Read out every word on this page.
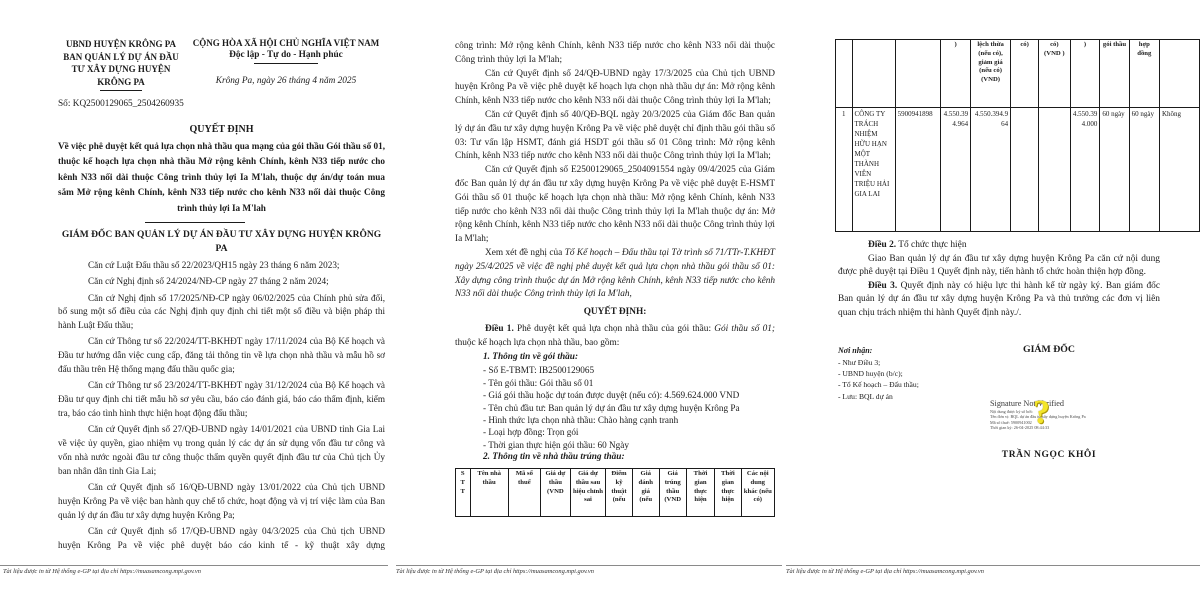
UBND HUYỆN KRÔNG PA
BAN QUẢN LÝ DỰ ÁN ĐẦU TƯ XÂY DỰNG HUYỆN KRÔNG PA
CỘNG HÒA XÃ HỘI CHỦ NGHĨA VIỆT NAM
Độc lập - Tự do - Hạnh phúc
Krông Pa, ngày 26 tháng 4 năm 2025
Số: KQ2500129065_2504260935
QUYẾT ĐỊNH
Về việc phê duyệt kết quả lựa chọn nhà thầu qua mạng của gói thầu Gói thầu số 01, thuộc kế hoạch lựa chọn nhà thầu Mở rộng kênh Chính, kênh N33 tiếp nước cho kênh N33 nối dài thuộc Công trình thủy lợi Ia M'lah, thuộc dự án/dự toán mua sắm Mở rộng kênh Chính, kênh N33 tiếp nước cho kênh N33 nối dài thuộc Công trình thủy lợi Ia M'lah
GIÁM ĐỐC BAN QUẢN LÝ DỰ ÁN ĐẦU TƯ XÂY DỰNG HUYỆN KRÔNG PA

Căn cứ Luật Đấu thầu số 22/2023/QH15 ngày 23 tháng 6 năm 2023;

Căn cứ Nghị định số 24/2024/NĐ-CP ngày 27 tháng 2 năm 2024;

Căn cứ Nghị định số 17/2025/NĐ-CP ngày 06/02/2025 của Chính phủ sửa đổi, bổ sung một số điều của các Nghị định quy định chi tiết một số điều và biện pháp thi hành Luật Đấu thầu;

Căn cứ Thông tư số 22/2024/TT-BKHĐT ngày 17/11/2024 của Bộ Kế hoạch và Đầu tư hướng dẫn việc cung cấp, đăng tải thông tin về lựa chọn nhà thầu và mẫu hồ sơ đấu thầu trên Hệ thống mạng đấu thầu quốc gia;

Căn cứ Thông tư số 23/2024/TT-BKHĐT ngày 31/12/2024 của Bộ Kế hoạch và Đầu tư quy định chi tiết mẫu hồ sơ yêu cầu, báo cáo đánh giá, báo cáo thẩm định, kiểm tra, báo cáo tình hình thực hiện hoạt động đấu thầu;

Căn cứ Quyết định số 27/QĐ-UBND ngày 14/01/2021 của UBND tỉnh Gia Lai về việc ủy quyền, giao nhiệm vụ trong quản lý các dự án sử dụng vốn đầu tư công và vốn nhà nước ngoài đầu tư công thuộc thẩm quyền quyết định đầu tư của Chủ tịch Ủy ban nhân dân tỉnh Gia Lai;

Căn cứ Quyết định số 16/QĐ-UBND ngày 13/01/2022 của Chủ tịch UBND huyện Krông Pa về việc ban hành quy chế tổ chức, hoạt động và vị trí việc làm của Ban quản lý dự án đầu tư xây dựng huyện Krông Pa;

Căn cứ Quyết định số 17/QĐ-UBND ngày 04/3/2025 của Chủ tịch UBND huyện Krông Pa về việc phê duyệt báo cáo kinh tế - kỹ thuật xây dựng

công trình: Mở rộng kênh Chính, kênh N33 tiếp nước cho kênh N33 nối dài thuộc Công trình thủy lợi Ia M'lah;

Căn cứ Quyết định số 24/QĐ-UBND ngày 17/3/2025 của Chủ tịch UBND huyện Krông Pa về việc phê duyệt kế hoạch lựa chọn nhà thầu dự án: Mở rộng kênh Chính, kênh N33 tiếp nước cho kênh N33 nối dài thuộc Công trình thủy lợi Ia M'lah;

Căn cứ Quyết định số 40/QĐ-BQL ngày 20/3/2025 của Giám đốc Ban quản lý dự án đầu tư xây dựng huyện Krông Pa về việc phê duyệt chỉ định thầu gói thầu số 03: Tư vấn lập HSMT, đánh giá HSDT gói thầu số 01 Công trình: Mở rộng kênh Chính, kênh N33 tiếp nước cho kênh N33 nối dài thuộc Công trình thủy lợi Ia M'lah;

Căn cứ Quyết định số E2500129065_2504091554 ngày 09/4/2025 của Giám đốc Ban quản lý dự án đầu tư xây dựng huyện Krông Pa về việc phê duyệt E-HSMT Gói thầu số 01 thuộc kế hoạch lựa chọn nhà thầu: Mở rộng kênh Chính, kênh N33 tiếp nước cho kênh N33 nối dài thuộc Công trình thủy lợi Ia M'lah thuộc dự án: Mở rộng kênh Chính, kênh N33 tiếp nước cho kênh N33 nối dài thuộc Công trình thủy lợi Ia M'lah;

Xem xét đề nghị của Tổ Kế hoạch – Đấu thầu tại Tờ trình số 71/TTr-T.KHĐT ngày 25/4/2025 về việc đề nghị phê duyệt kết quả lựa chọn nhà thầu gói thầu số 01: Xây dựng công trình thuộc dự án Mở rộng kênh Chính, kênh N33 tiếp nước cho kênh N33 nối dài thuộc Công trình thủy lợi Ia M'lah,

QUYẾT ĐỊNH:

Điều 1. Phê duyệt kết quả lựa chọn nhà thầu của gói thầu: Gói thầu số 01; thuộc kế hoạch lựa chọn nhà thầu, bao gồm:

1. Thông tin về gói thầu:

- Số E-TBMT: IB2500129065
- Tên gói thầu: Gói thầu số 01
- Giá gói thầu hoặc dự toán được duyệt (nếu có): 4.569.624.000 VND
- Tên chủ đầu tư: Ban quản lý dự án đầu tư xây dựng huyện Krông Pa
- Hình thức lựa chọn nhà thầu: Chào hàng cạnh tranh
- Loại hợp đồng: Trọn gói
- Thời gian thực hiện gói thầu: 60 Ngày

2. Thông tin về nhà thầu trúng thầu:

S T T	Tên nhà thầu	Mã số thuế	Giá dự thầu (VND	Giá dự thầu sau hiệu chỉnh sai	Điểm kỹ thuật (nếu	Giá đánh giá (nếu	Giá trúng thầu (VND	Thời gian thực hiện	Thời gian thực hiện	Các nội dung khác (nếu có)
			)	lệch thừa (nếu có), giảm giá (nếu có) (VND)	có)	có) (VND )	)	gói thầu	hợp đồng	
1	CÔNG TY TRÁCH NHIỆM HỮU HẠN MỘT THÀNH VIÊN TRIỆU HẢI GIA LAI	5900941898	4.550.394.964	4.550.394.964			4.550.394.000	60 ngày	60 ngày	Không

Điều 2. Tổ chức thực hiện

Giao Ban quản lý dự án đầu tư xây dựng huyện Krông Pa căn cứ nội dung được phê duyệt tại Điều 1 Quyết định này, tiến hành tổ chức hoàn thiện hợp đồng.

Điều 3. Quyết định này có hiệu lực thi hành kể từ ngày ký. Ban giám đốc Ban quản lý dự án đầu tư xây dựng huyện Krông Pa và thủ trưởng các đơn vị liên quan chịu trách nhiệm thi hành Quyết định này./.

Nơi nhận:
- Như Điều 3;
- UBND huyện (b/c);
- Tổ Kế hoạch – Đấu thầu;
- Lưu: BQL dự án
GIÁM ĐỐC
Signature Not Verified
Nội dung được ký số bởi:
Tên đơn vị: BQL dự án đầu tư xây dựng huyện Krông Pa
Mã số thuế: 5900941002
Thời gian ký: 26-04-2025 08:44:33
?
TRẦN NGỌC KHÔI
Tài liệu được in từ Hệ thống e-GP tại địa chỉ https://muasamcong.mpi.gov.vn	Tài liệu được in từ Hệ thống e-GP tại địa chỉ https://muasamcong.mpi.gov.vn	Tài liệu được in từ Hệ thống e-GP tại địa chỉ https://muasamcong.mpi.gov.vn
